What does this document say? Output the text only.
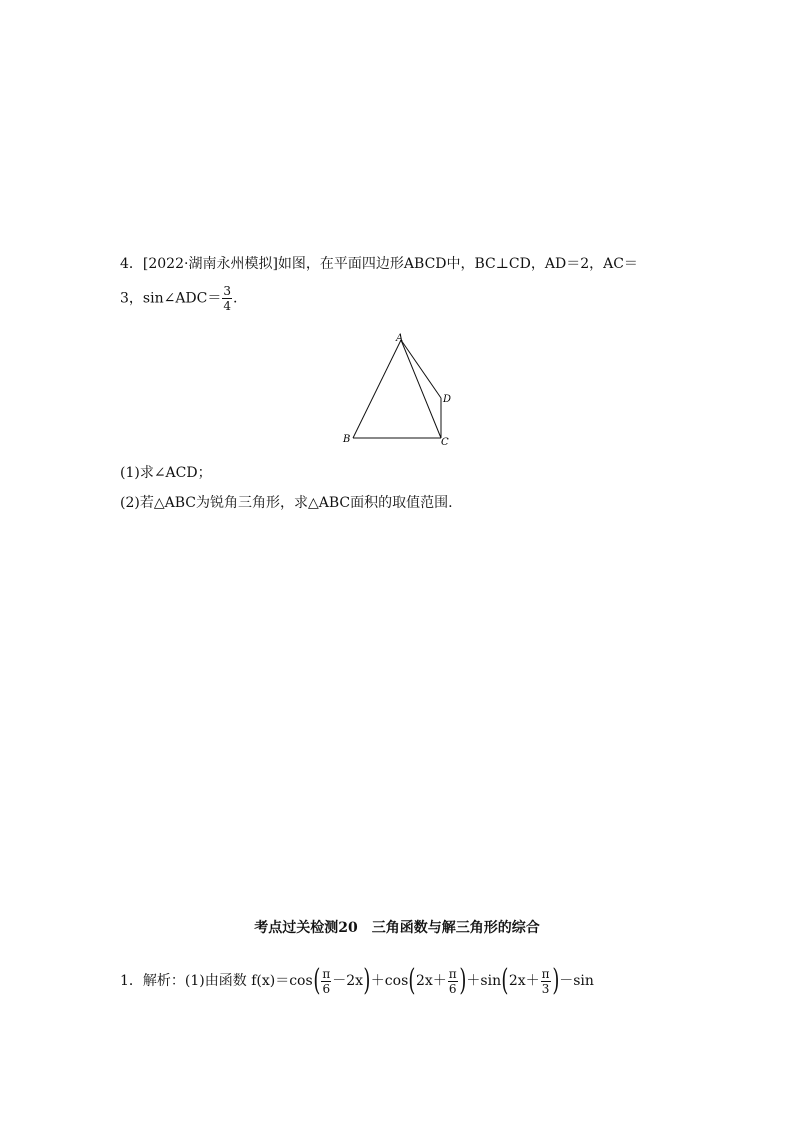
4．[2022·湖南永州模拟]如图，在平面四边形ABCD中，BC⊥CD，AD＝2，AC＝
3，sin∠ADC＝ $\frac{3}{4}$ .
A
B	C
D
(1)求∠ACD；
(2)若△ABC为锐角三角形，求△ABC面积的取值范围.
考点过关检测20　三角函数与解三角形的综合
1．解析：(1)由函数 $f(x)=\cos( \frac{\pi}{6} -2x)+\cos(2x+ \frac{\pi}{6} )+\sin(2x+ \frac{\pi}{3} )-\sin$
